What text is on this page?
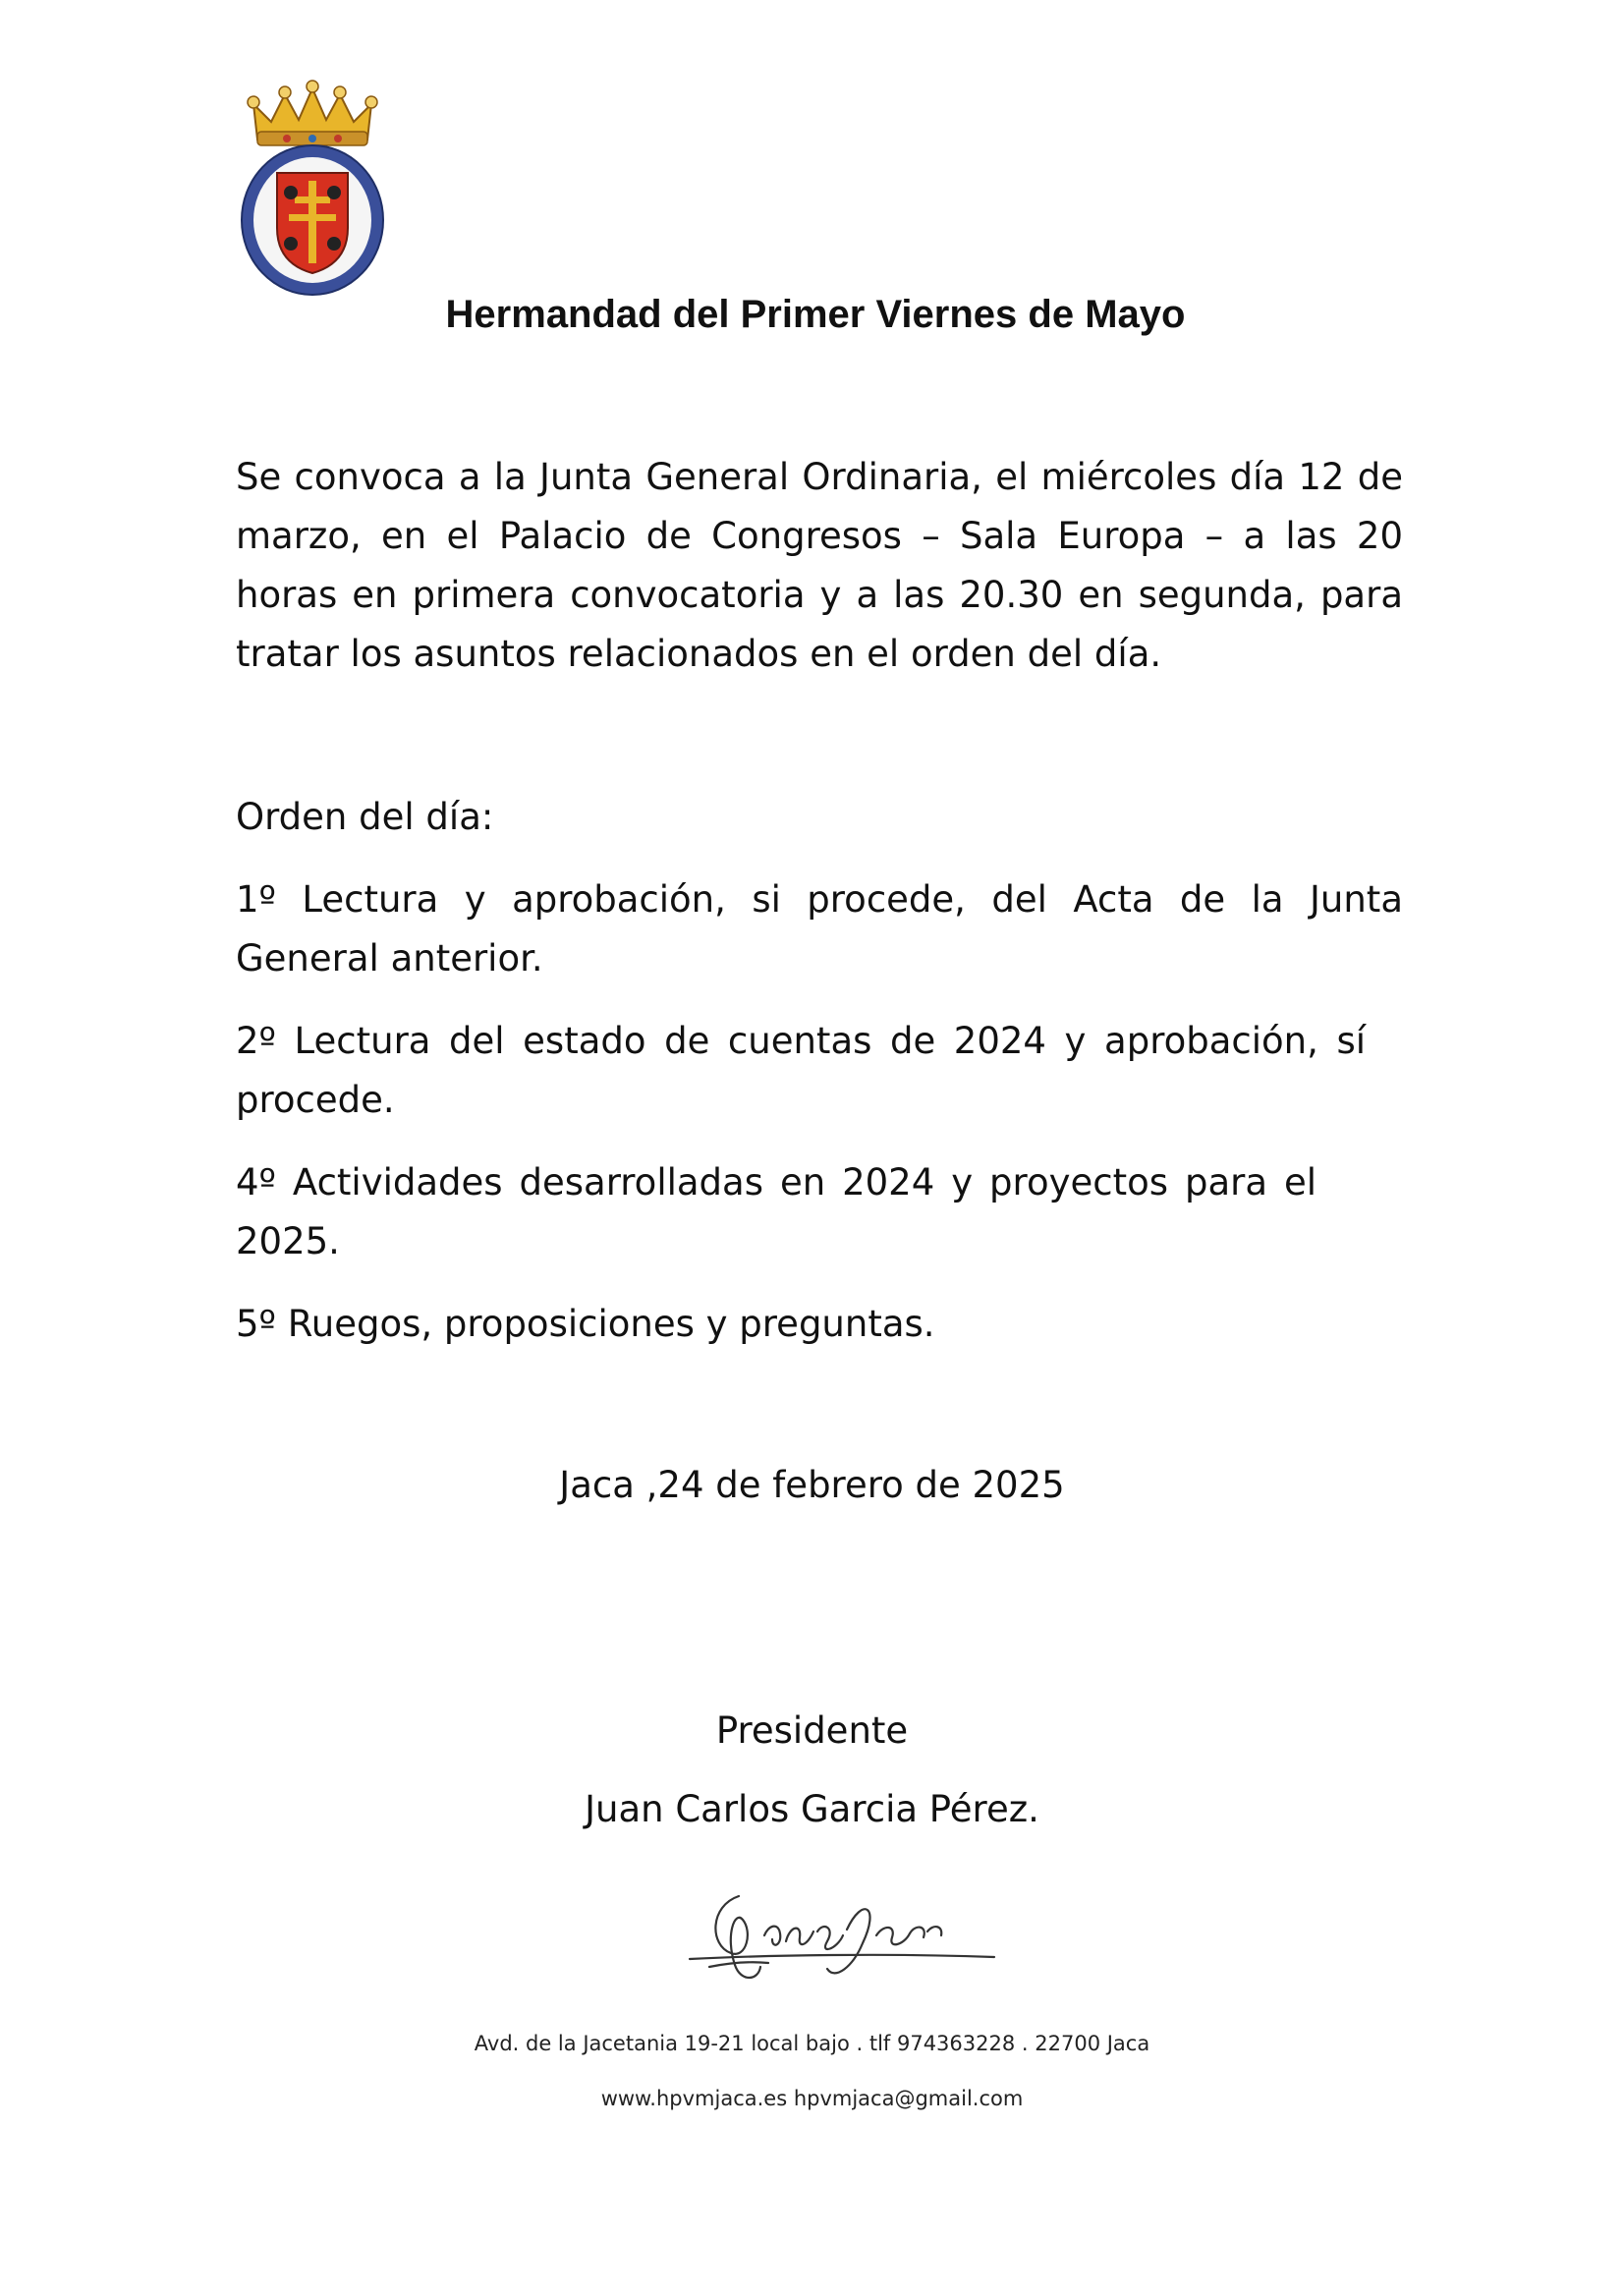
Hermandad del Primer Viernes de Mayo

Se convoca a la Junta General Ordinaria, el miércoles día 12 de marzo, en el Palacio de Congresos – Sala Europa – a las 20 horas en primera convocatoria y a las 20.30 en segunda, para tratar los asuntos relacionados en el orden del día.

Orden del día:

1º Lectura y aprobación, si procede, del Acta de la Junta General anterior.

2º Lectura del estado de cuentas de 2024 y aprobación, sí procede.

4º Actividades desarrolladas en 2024 y proyectos para el 2025.

5º Ruegos, proposiciones y preguntas.

Jaca ,24 de febrero de 2025

Presidente

Juan Carlos Garcia Pérez.

Avd. de la Jacetania 19-21 local bajo . tlf 974363228 . 22700 Jaca

www.hpvmjaca.es hpvmjaca@gmail.com
